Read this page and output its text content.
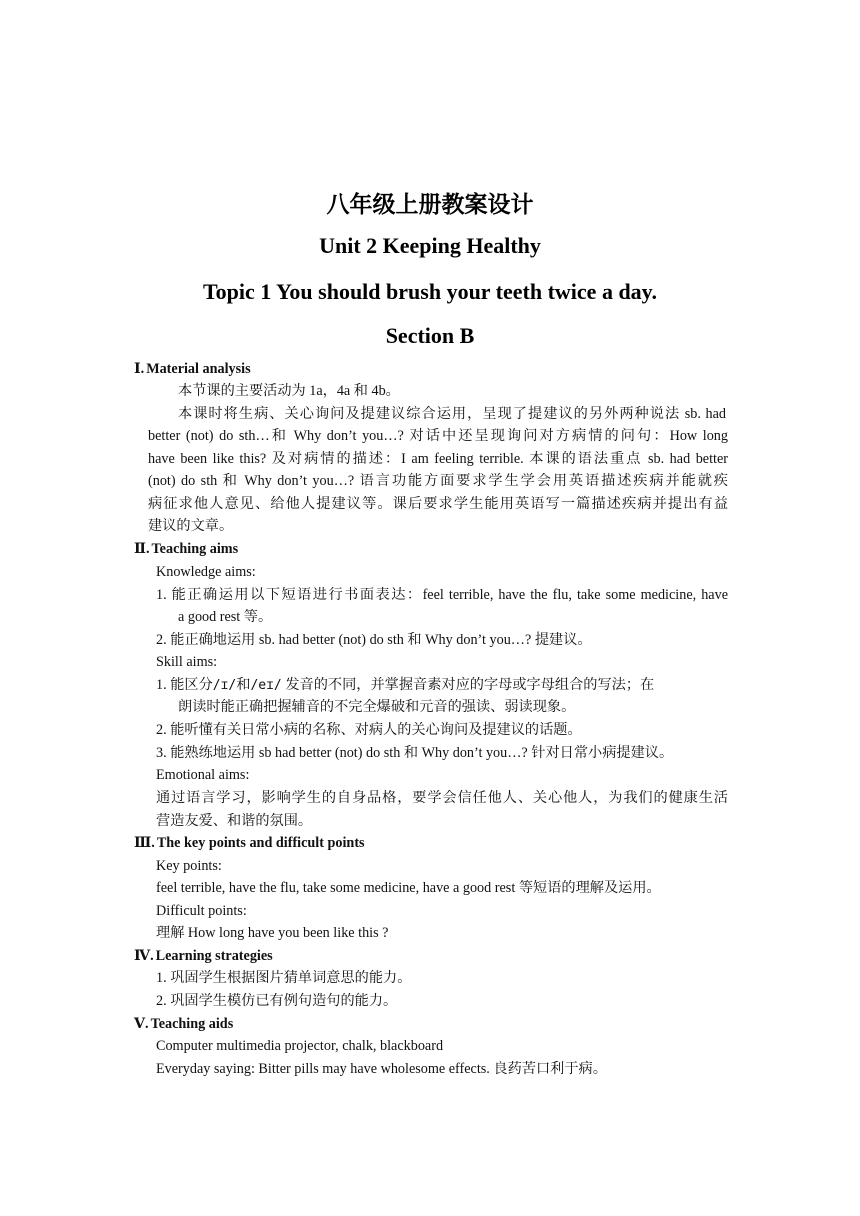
八年级上册教案设计
Unit 2 Keeping Healthy
Topic 1 You should brush your teeth twice a day.
Section B
Ⅰ. Material analysis
本节课的主要活动为 1a，4a 和 4b。
本课时将生病、关心询问及提建议综合运用，呈现了提建议的另外两种说法 sb. had
better (not) do sth…和 Why don’t you…? 对话中还呈现询问对方病情的问句：How long
have been like this? 及对病情的描述：I am feeling terrible. 本课的语法重点 sb. had better
(not) do sth 和 Why don’t you…? 语言功能方面要求学生学会用英语描述疾病并能就疾
病征求他人意见、给他人提建议等。课后要求学生能用英语写一篇描述疾病并提出有益
建议的文章。
Ⅱ. Teaching aims
Knowledge aims:
1. 能正确运用以下短语进行书面表达：feel terrible, have the flu, take some medicine, have
a good rest 等。
2. 能正确地运用 sb. had better (not) do sth 和 Why don’t you…? 提建议。
Skill aims:
1. 能区分/ɪ/和/eɪ/ 发音的不同，并掌握音素对应的字母或字母组合的写法；在
朗读时能正确把握辅音的不完全爆破和元音的强读、弱读现象。
2. 能听懂有关日常小病的名称、对病人的关心询问及提建议的话题。
3. 能熟练地运用 sb had better (not) do sth 和 Why don’t you…? 针对日常小病提建议。
Emotional aims:
通过语言学习，影响学生的自身品格，要学会信任他人、关心他人，为我们的健康生活
营造友爱、和谐的氛围。
Ⅲ. The key points and difficult points
Key points:
feel terrible, have the flu, take some medicine, have a good rest 等短语的理解及运用。
Difficult points:
理解 How long have you been like this ?
Ⅳ. Learning strategies
1. 巩固学生根据图片猜单词意思的能力。
2. 巩固学生模仿已有例句造句的能力。
Ⅴ. Teaching aids
Computer multimedia projector, chalk, blackboard
Everyday saying: Bitter pills may have wholesome effects. 良药苦口利于病。
